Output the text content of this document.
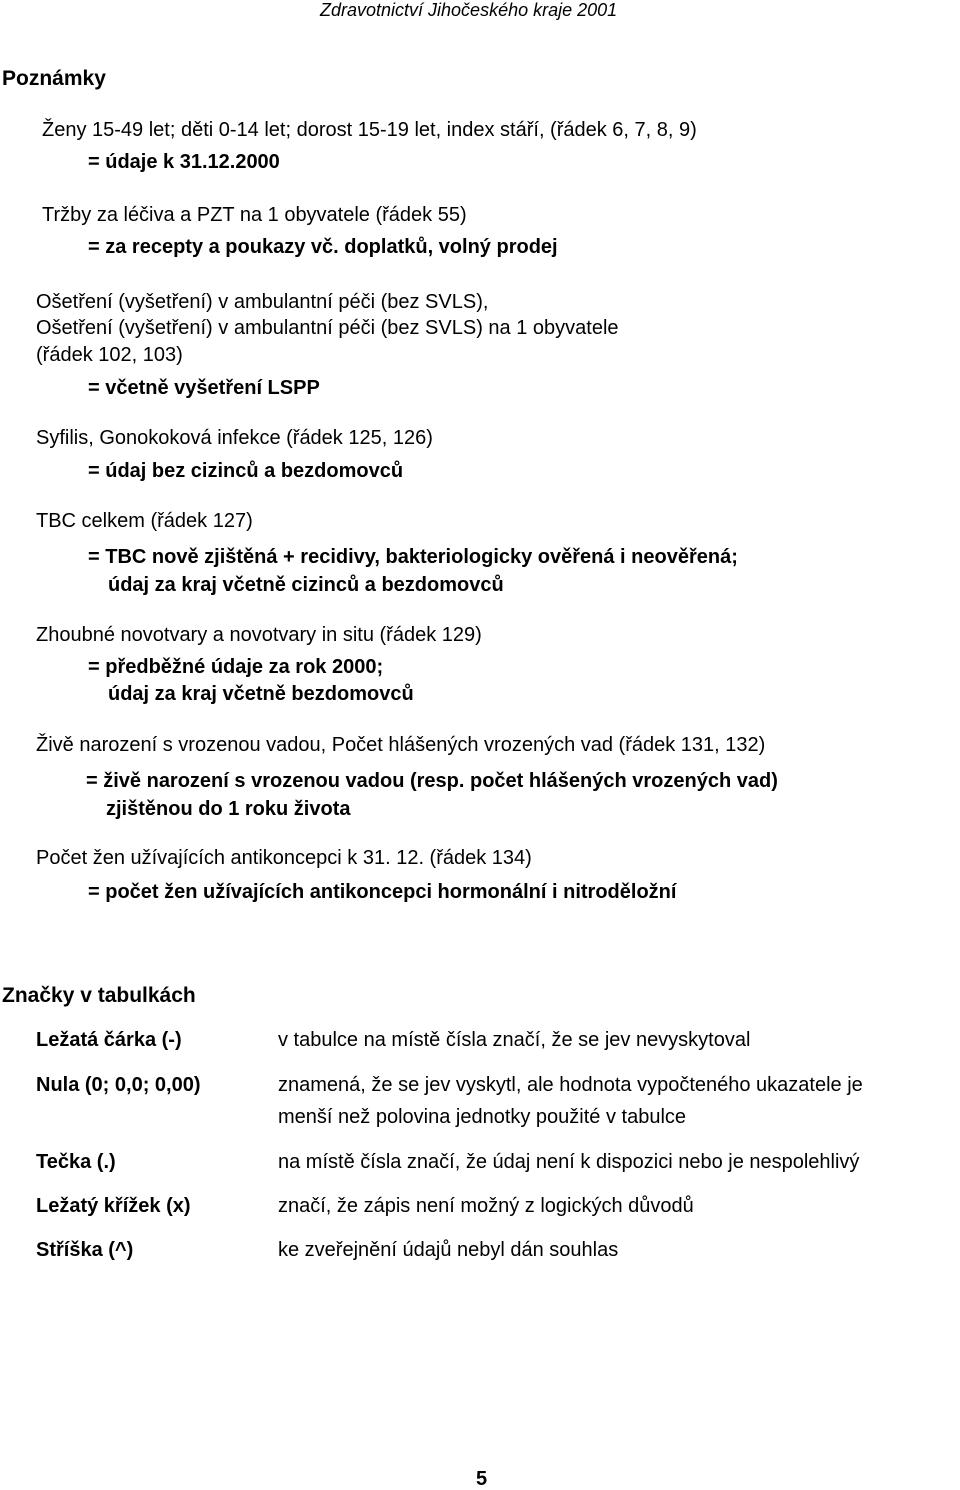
Zdravotnictví Jihočeského kraje 2001
Poznámky
Ženy 15-49 let; děti 0-14 let; dorost 15-19 let, index stáří, (řádek 6, 7, 8, 9)
= údaje k 31.12.2000
Tržby za léčiva a PZT na 1 obyvatele (řádek 55)
= za recepty a poukazy vč. doplatků, volný prodej
Ošetření (vyšetření) v ambulantní péči (bez SVLS),
Ošetření (vyšetření) v ambulantní péči (bez SVLS) na 1 obyvatele
(řádek 102, 103)
= včetně vyšetření LSPP
Syfilis, Gonokoková infekce (řádek 125, 126)
= údaj bez cizinců a bezdomovců
TBC celkem (řádek 127)
= TBC nově zjištěná + recidivy, bakteriologicky ověřená i neověřená;
údaj za kraj včetně cizinců a bezdomovců
Zhoubné novotvary a novotvary in situ (řádek 129)
= předběžné údaje za rok 2000;
údaj za kraj včetně bezdomovců
Živě narození s vrozenou vadou, Počet hlášených vrozených vad (řádek 131, 132)
= živě narození s vrozenou vadou (resp. počet hlášených vrozených vad)
zjištěnou do 1 roku života
Počet žen užívajících antikoncepci k 31. 12. (řádek 134)
= počet žen užívajících antikoncepci hormonální i nitroděložní
Značky v tabulkách
Ležatá čárka (-)	v tabulce na místě čísla značí, že se jev nevyskytoval
Nula (0; 0,0; 0,00)	znamená, že se jev vyskytl, ale hodnota vypočteného ukazatele je
menší než polovina jednotky použité v tabulce
Tečka (.)	na místě čísla značí, že údaj není k dispozici nebo je nespolehlivý
Ležatý křížek (x)	značí, že zápis není možný z logických důvodů
Stříška (^)	ke zveřejnění údajů nebyl dán souhlas
5
